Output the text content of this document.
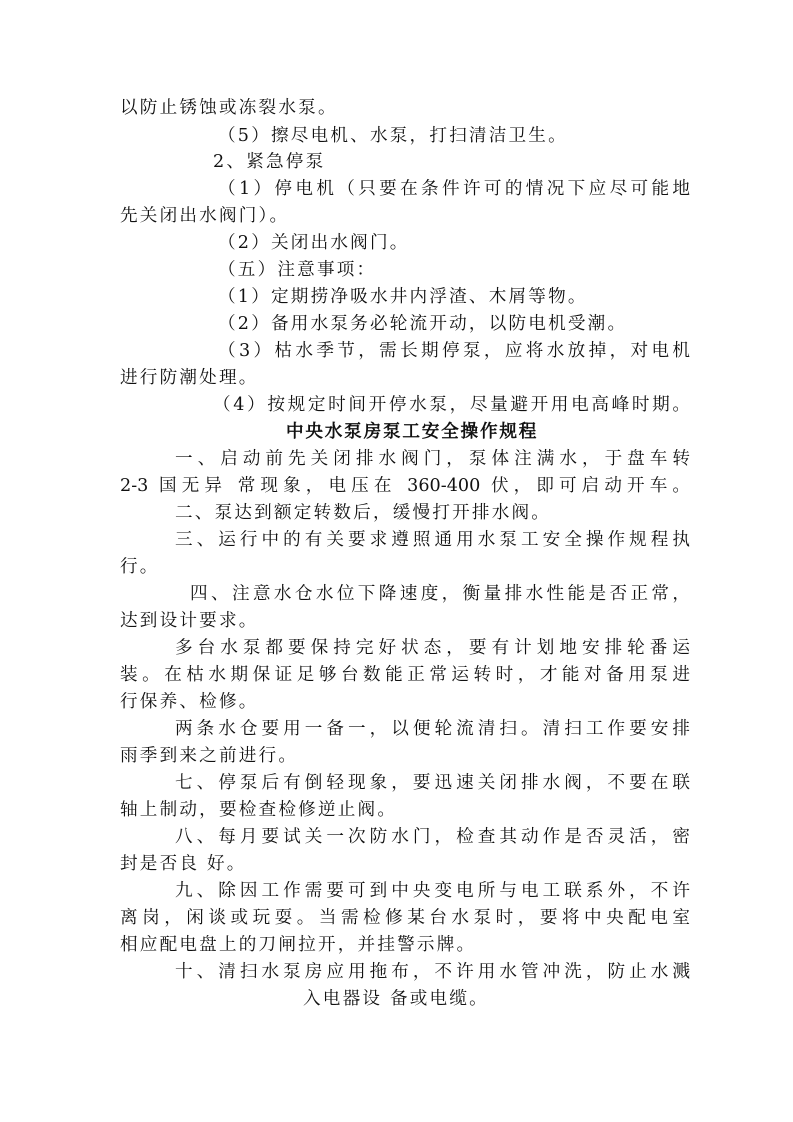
以防止锈蚀或冻裂水泵。
（5）擦尽电机、水泵，打扫清洁卫生。
2、紧急停泵
（1）停电机（只要在条件许可的情况下应尽可能地
先关闭出水阀门）。
（2）关闭出水阀门。
（五）注意事项：
（1）定期捞净吸水井内浮渣、木屑等物。
（2）备用水泵务必轮流开动，以防电机受潮。
（3）枯水季节，需长期停泵，应将水放掉，对电机
进行防潮处理。
（4）按规定时间开停水泵，尽量避开用电高峰时期。
中央水泵房泵工安全操作规程
一、启动前先关闭排水阀门，泵体注满水，于盘车转
2-3 国无异 常现象，电压在 360-400 伏，即可启动开车。
二、泵达到额定转数后，缓慢打开排水阀。
三、运行中的有关要求遵照通用水泵工安全操作规程执
行。
四、注意水仓水位下降速度，衡量排水性能是否正常，
达到设计要求。
多台水泵都要保持完好状态，要有计划地安排轮番运
装。在枯水期保证足够台数能正常运转时，才能对备用泵进
行保养、检修。
两条水仓要用一备一，以便轮流清扫。清扫工作要安排
雨季到来之前进行。
七、停泵后有倒轻现象，要迅速关闭排水阀，不要在联
轴上制动，要检查检修逆止阀。
八、每月要试关一次防水门，检查其动作是否灵活，密
封是否良 好。
九、除因工作需要可到中央变电所与电工联系外，不许
离岗，闲谈或玩耍。当需检修某台水泵时，要将中央配电室
相应配电盘上的刀闸拉开，并挂警示牌。
十、清扫水泵房应用拖布，不许用水管冲洗，防止水溅
入电器设 备或电缆。
